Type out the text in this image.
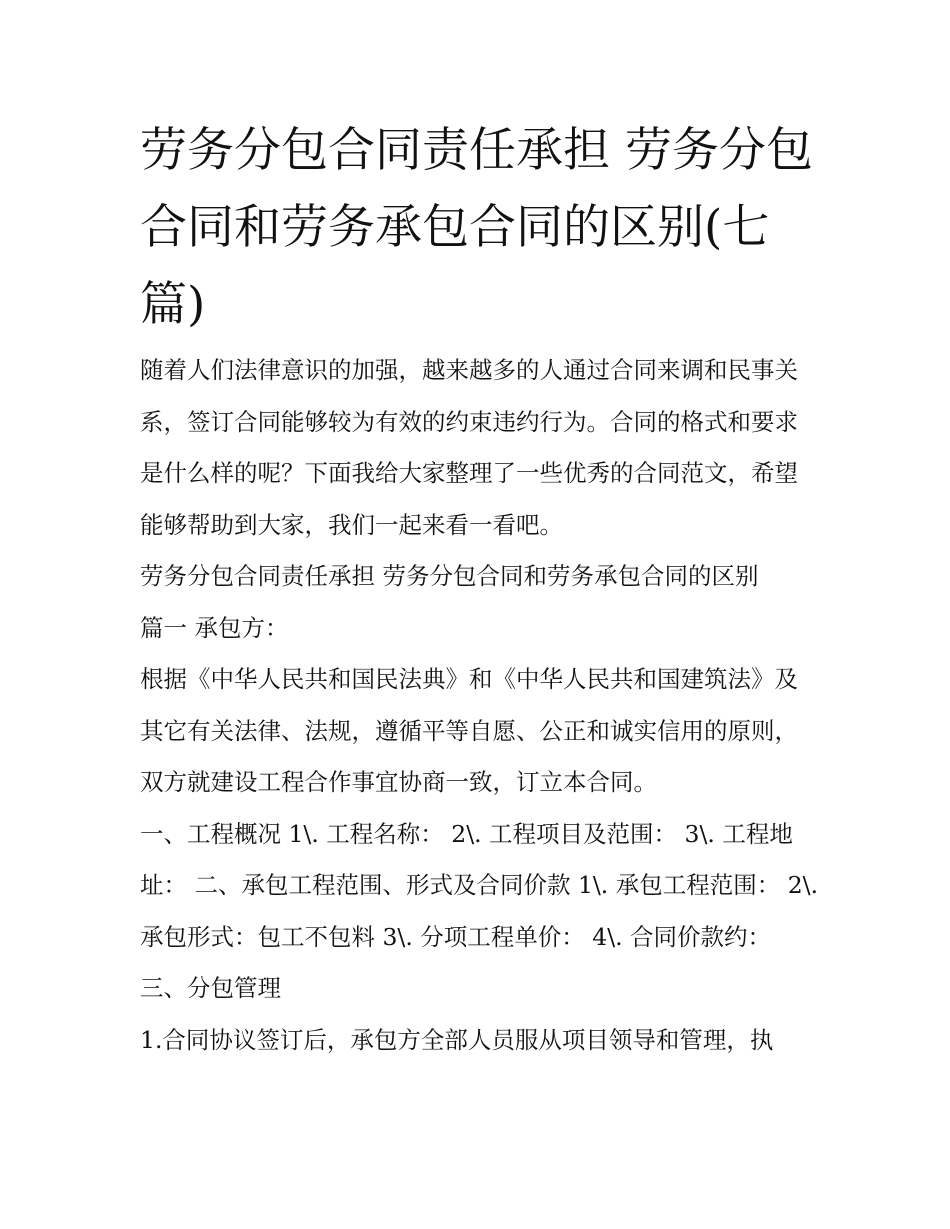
劳务分包合同责任承担 劳务分包合同和劳务承包合同的区别(七篇)

随着人们法律意识的加强，越来越多的人通过合同来调和民事关系，签订合同能够较为有效的约束违约行为。合同的格式和要求是什么样的呢？下面我给大家整理了一些优秀的合同范文，希望能够帮助到大家，我们一起来看一看吧。

劳务分包合同责任承担 劳务分包合同和劳务承包合同的区别

篇一 承包方：

根据《中华人民共和国民法典》和《中华人民共和国建筑法》及其它有关法律、法规，遵循平等自愿、公正和诚实信用的原则，双方就建设工程合作事宜协商一致，订立本合同。

一、工程概况 1\. 工程名称： 2\. 工程项目及范围： 3\. 工程地址： 二、承包工程范围、形式及合同价款 1\. 承包工程范围： 2\.

承包形式：包工不包料 3\. 分项工程单价： 4\. 合同价款约：

三、分包管理

1.合同协议签订后，承包方全部人员服从项目领导和管理，执
